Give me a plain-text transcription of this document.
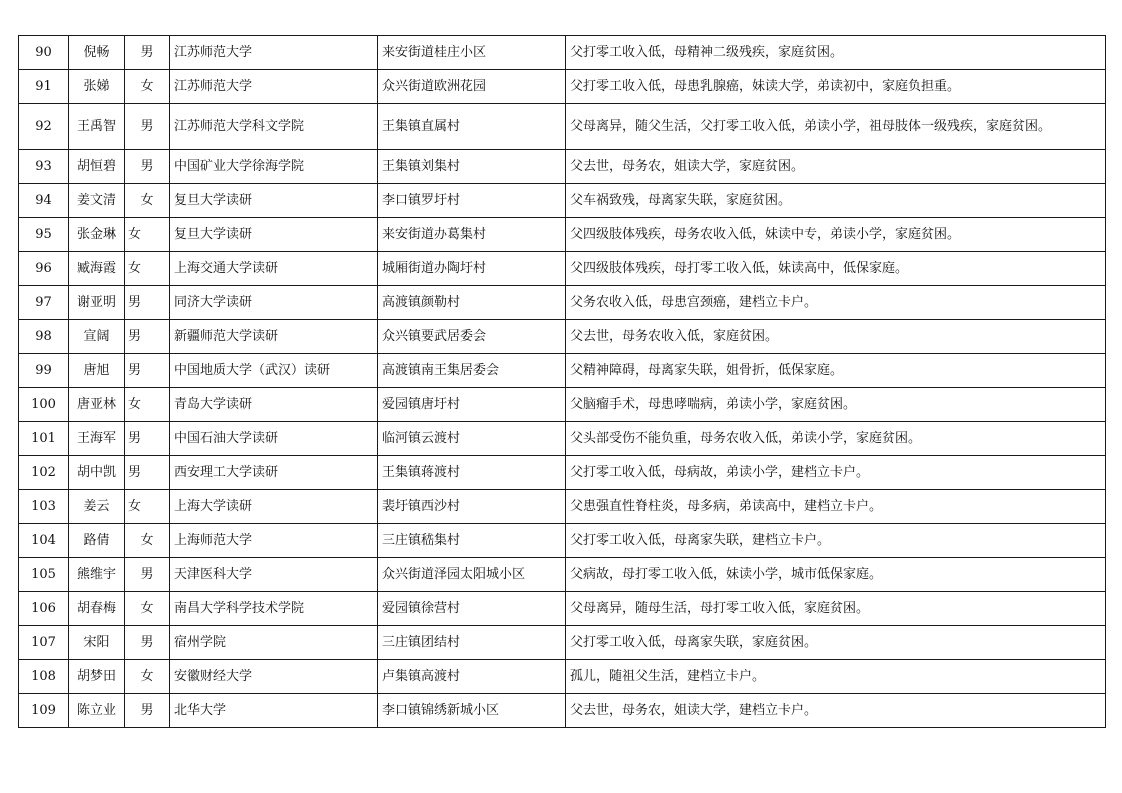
90	倪畅	男	江苏师范大学	来安街道桂庄小区	父打零工收入低，母精神二级残疾，家庭贫困。
91	张娣	女	江苏师范大学	众兴街道欧洲花园	父打零工收入低，母患乳腺癌，妹读大学，弟读初中，家庭负担重。
92	王禹智	男	江苏师范大学科文学院	王集镇直属村	父母离异，随父生活，父打零工收入低，弟读小学，祖母肢体一级残疾，家庭贫困。
93	胡恒碧	男	中国矿业大学徐海学院	王集镇刘集村	父去世，母务农，姐读大学，家庭贫困。
94	姜文清	女	复旦大学读研	李口镇罗圩村	父车祸致残，母离家失联，家庭贫困。
95	张金琳	女	复旦大学读研	来安街道办葛集村	父四级肢体残疾，母务农收入低，妹读中专，弟读小学，家庭贫困。
96	臧海霞	女	上海交通大学读研	城厢街道办陶圩村	父四级肢体残疾，母打零工收入低，妹读高中，低保家庭。
97	谢亚明	男	同济大学读研	高渡镇颜勒村	父务农收入低，母患宫颈癌，建档立卡户。
98	宣阔	男	新疆师范大学读研	众兴镇要武居委会	父去世，母务农收入低，家庭贫困。
99	唐旭	男	中国地质大学（武汉）读研	高渡镇南王集居委会	父精神障碍，母离家失联，姐骨折，低保家庭。
100	唐亚林	女	青岛大学读研	爱园镇唐圩村	父脑瘤手术，母患哮喘病，弟读小学，家庭贫困。
101	王海军	男	中国石油大学读研	临河镇云渡村	父头部受伤不能负重，母务农收入低，弟读小学，家庭贫困。
102	胡中凯	男	西安理工大学读研	王集镇蒋渡村	父打零工收入低，母病故，弟读小学，建档立卡户。
103	姜云	女	上海大学读研	裴圩镇西沙村	父患强直性脊柱炎，母多病，弟读高中，建档立卡户。
104	路倩	女	上海师范大学	三庄镇嵇集村	父打零工收入低，母离家失联，建档立卡户。
105	熊维宇	男	天津医科大学	众兴街道泽园太阳城小区	父病故，母打零工收入低，妹读小学，城市低保家庭。
106	胡春梅	女	南昌大学科学技术学院	爱园镇徐营村	父母离异，随母生活，母打零工收入低，家庭贫困。
107	宋阳	男	宿州学院	三庄镇团结村	父打零工收入低，母离家失联，家庭贫困。
108	胡梦田	女	安徽财经大学	卢集镇高渡村	孤儿，随祖父生活，建档立卡户。
109	陈立业	男	北华大学	李口镇锦绣新城小区	父去世，母务农，姐读大学，建档立卡户。
